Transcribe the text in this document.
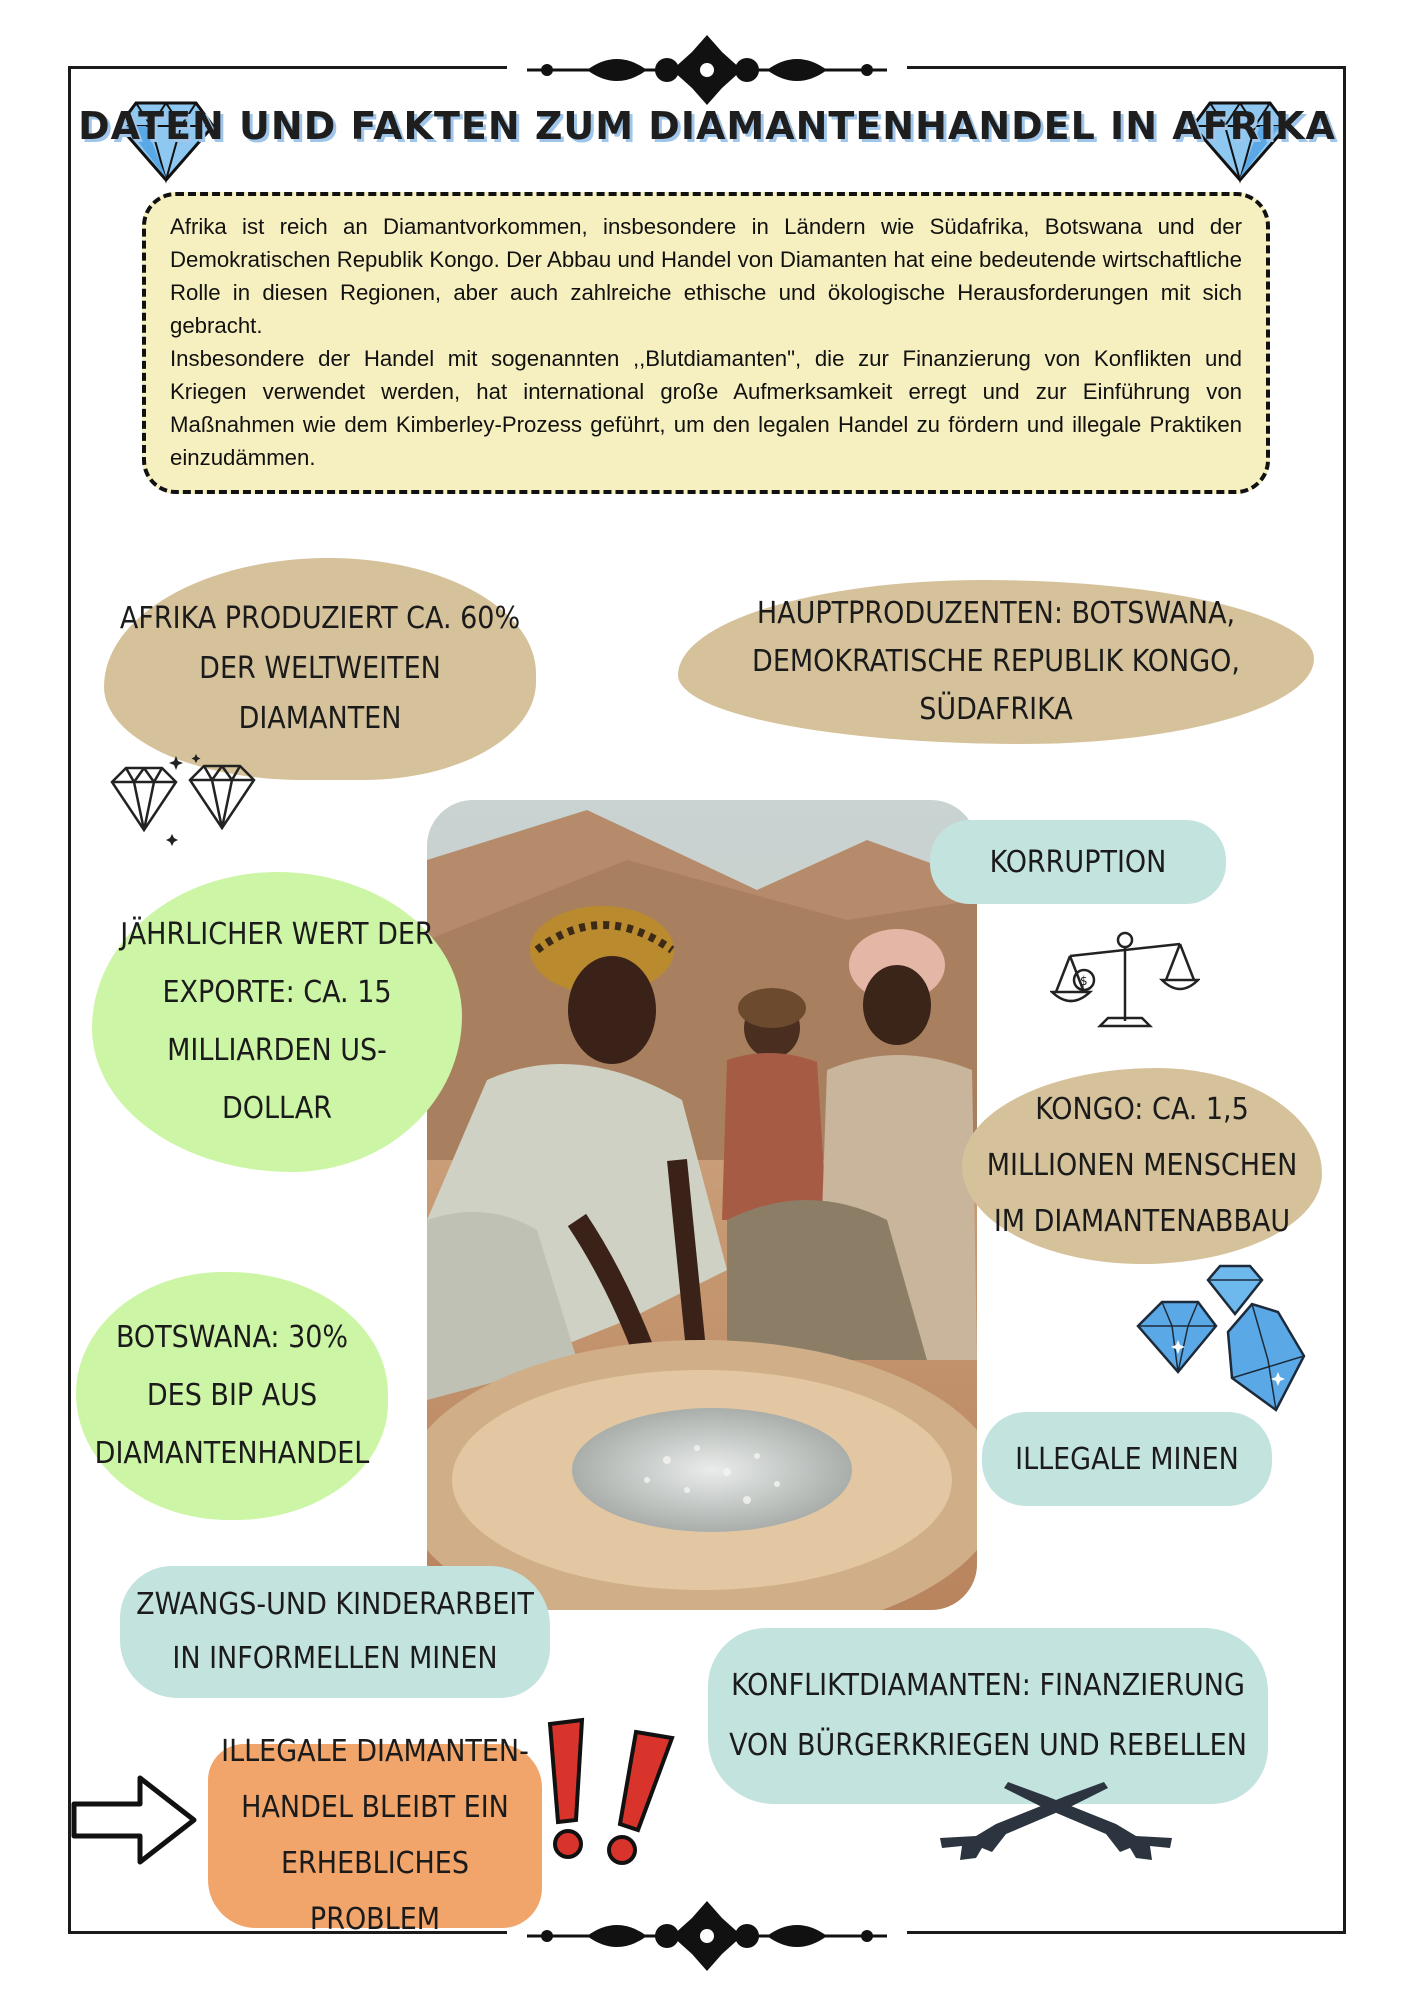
DATEN UND FAKTEN ZUM DIAMANTENHANDEL IN AFRIKA

Afrika ist reich an Diamantvorkommen, insbesondere in Ländern wie Südafrika, Botswana und der Demokratischen Republik Kongo. Der Abbau und Handel von Diamanten hat eine bedeutende wirtschaftliche Rolle in diesen Regionen, aber auch zahlreiche ethische und ökologische Herausforderungen mit sich gebracht.

Insbesondere der Handel mit sogenannten ,,Blutdiamanten", die zur Finanzierung von Konflikten und Kriegen verwendet werden, hat international große Aufmerksamkeit erregt und zur Einführung von Maßnahmen wie dem Kimberley-Prozess geführt, um den legalen Handel zu fördern und illegale Praktiken einzudämmen.

AFRIKA PRODUZIERT CA. 60% DER WELTWEITEN DIAMANTEN
HAUPTPRODUZENTEN: BOTSWANA, DEMOKRATISCHE REPUBLIK KONGO, SÜDAFRIKA
KORRUPTION
$
JÄHRLICHER WERT DER EXPORTE: CA. 15 MILLIARDEN US-DOLLAR	KONGO: CA. 1,5 MILLIONEN MENSCHEN IM DIAMANTENABBAU
BOTSWANA: 30% DES BIP AUS DIAMANTENHANDEL	ILLEGALE MINEN
ZWANGS-UND KINDERARBEIT IN INFORMELLEN MINEN
KONFLIKTDIAMANTEN: FINANZIERUNG VON BÜRGERKRIEGEN UND REBELLEN
ILLEGALE DIAMANTEN-HANDEL BLEIBT EIN ERHEBLICHES PROBLEM
